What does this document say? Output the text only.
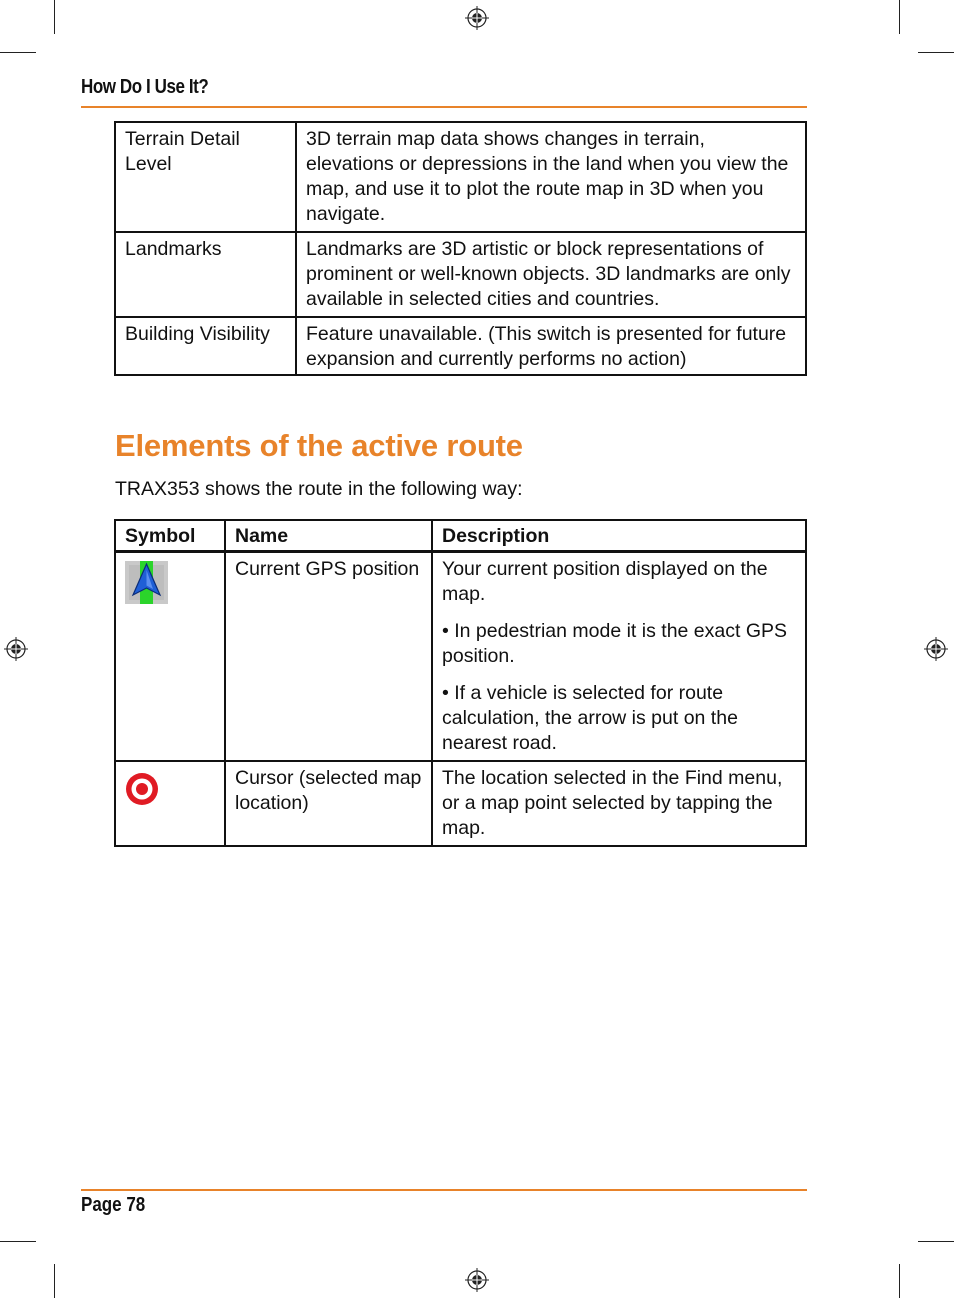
How Do I Use It?
Terrain Detail Level	3D terrain map data shows changes in terrain, elevations or depressions in the land when you view the map, and use it to plot the route map in 3D when you navigate.
Landmarks	Landmarks are 3D artistic or block representations of prominent or well-known objects. 3D landmarks are only available in selected cities and countries.
Building Visibility	Feature unavailable. (This switch is presented for future expansion and currently performs no action)
Elements of the active route

TRAX353 shows the route in the following way:

Symbol	Name	Description
	Current GPS position	Your current position displayed on the map.

• In pedestrian mode it is the exact GPS position.

• If a vehicle is selected for route calculation, the arrow is put on the nearest road.

	Cursor (selected map location)	The location selected in the Find menu, or a map point selected by tapping the map.

Page 78
